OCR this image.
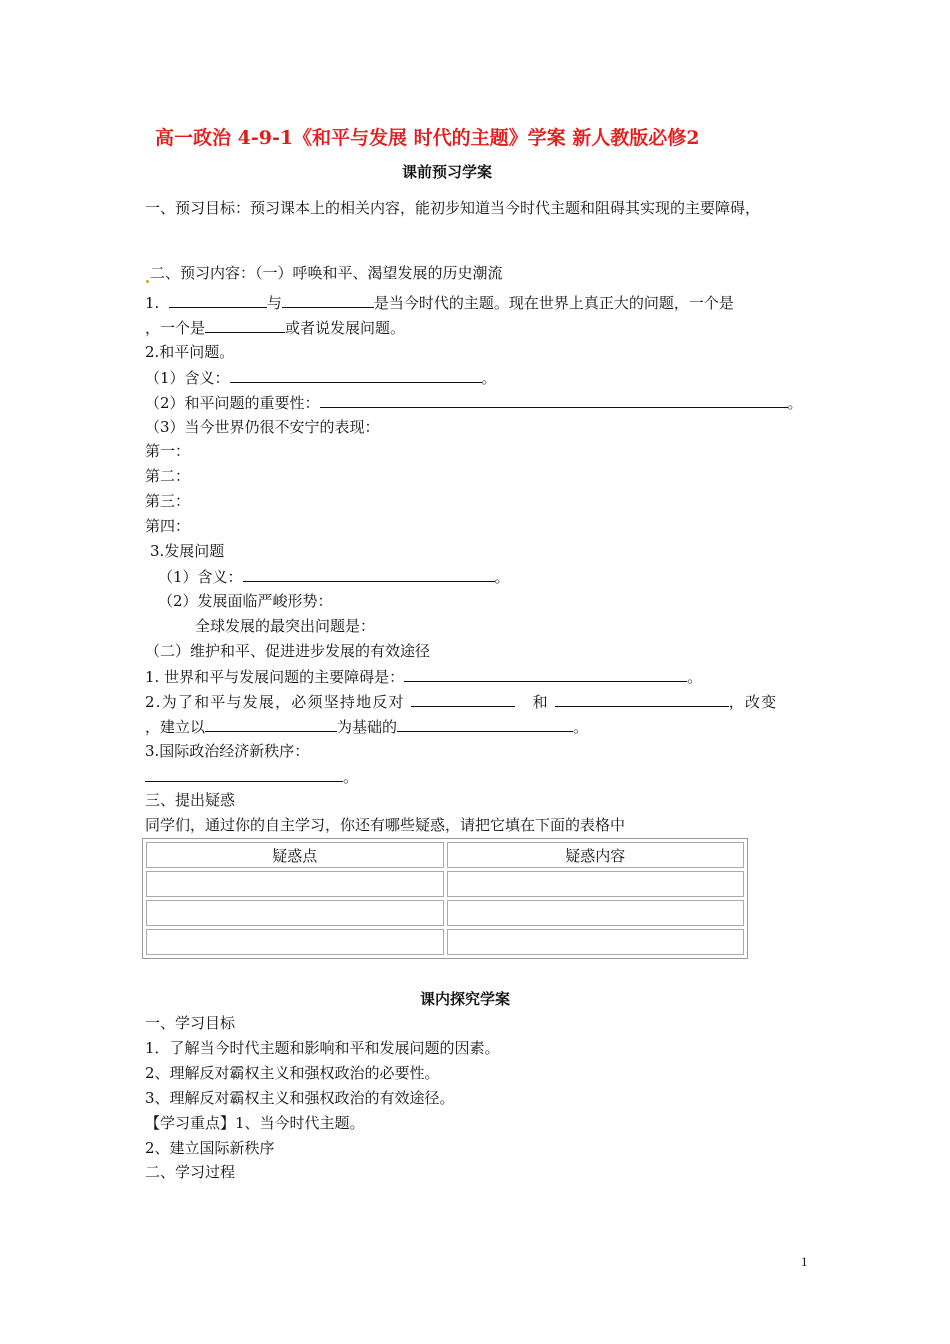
高一政治 4-9-1《和平与发展 时代的主题》学案 新人教版必修2
课前预习学案
一、预习目标：预习课本上的相关内容，能初步知道当今时代主题和阻碍其实现的主要障碍，
二、预习内容：（一）呼唤和平、渴望发展的历史潮流
1.	与	是当今时代的主题。现在世界上真正大的问题，一个是
，一个是	或者说发展问题。
2.和平问题。
（1）含义：	。
（2）和平问题的重要性：	。
（3）当今世界仍很不安宁的表现：
第一：
第二：
第三：
第四：
3.发展问题
（1）含义：	。
（2）发展面临严峻形势：
全球发展的最突出问题是：
（二）维护和平、促进进步发展的有效途径
1. 世界和平与发展问题的主要障碍是：	。
2.为了和平与发展，必须坚持地反对	和	，改变
，建立以	为基础的	。
3.国际政治经济新秩序：
。
三、提出疑惑
同学们，通过你的自主学习，你还有哪些疑惑，请把它填在下面的表格中
疑惑点	疑惑内容

课内探究学案
一、学习目标
1．了解当今时代主题和影响和平和发展问题的因素。
2、理解反对霸权主义和强权政治的必要性。
3、理解反对霸权主义和强权政治的有效途径。
【学习重点】1、当今时代主题。
2、建立国际新秩序
二、学习过程
1
